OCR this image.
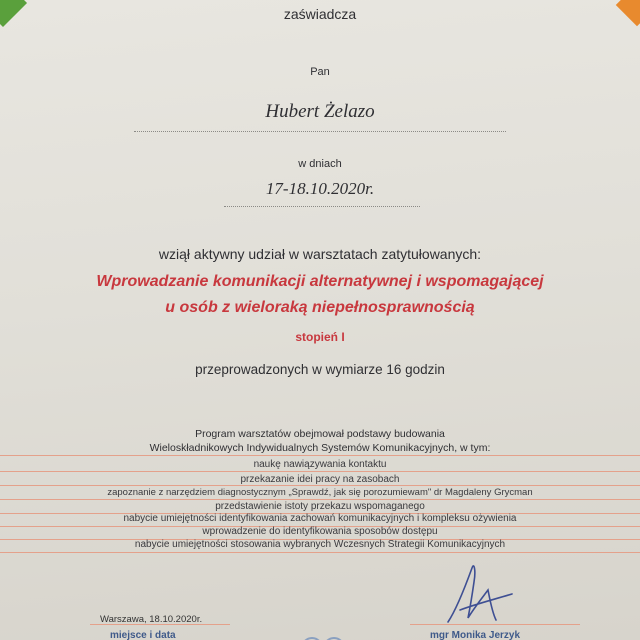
zaświadcza
Pan
Hubert Żelazo
w dniach
17-18.10.2020r.
wziął aktywny udział w warsztatach zatytułowanych:
Wprowadzanie komunikacji alternatywnej i wspomagającej
u osób z wieloraką niepełnosprawnością
stopień I
przeprowadzonych w wymiarze 16 godzin
Program warsztatów obejmował podstawy budowania
Wieloskładnikowych Indywidualnych Systemów Komunikacyjnych, w tym:
naukę nawiązywania kontaktu
przekazanie idei pracy na zasobach
zapoznanie z narzędziem diagnostycznym „Sprawdź, jak się porozumiewam" dr Magdaleny Grycman
przedstawienie istoty przekazu wspomaganego
nabycie umiejętności identyfikowania zachowań komunikacyjnych i kompleksu ożywienia
wprowadzenie do identyfikowania sposobów dostępu
nabycie umiejętności stosowania wybranych Wczesnych Strategii Komunikacyjnych
Warszawa, 18.10.2020r.
miejsce i data	mgr Monika Jerzyk
